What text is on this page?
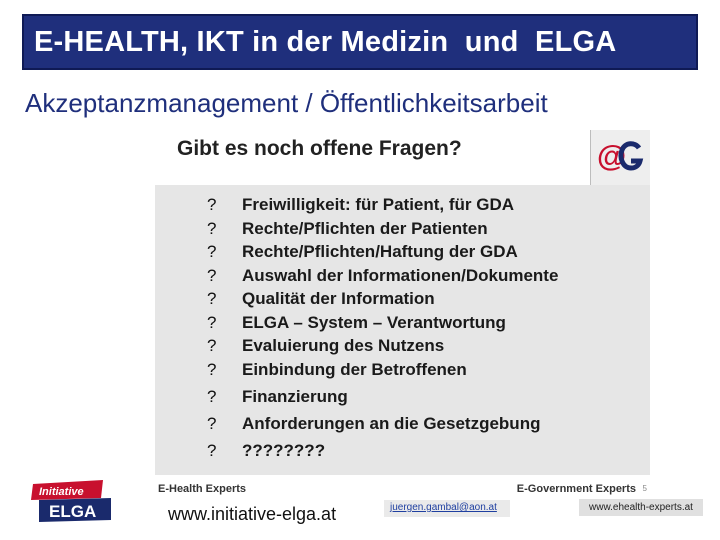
E-HEALTH, IKT in der Medizin  und  ELGA
Akzeptanzmanagement / Öffentlichkeitsarbeit
Gibt es noch offene Fragen?	@
?	Freiwilligkeit: für Patient, für GDA
?	Rechte/Pflichten der Patienten
?	Rechte/Pflichten/Haftung der GDA
?	Auswahl der Informationen/Dokumente
?	Qualität der Information
?	ELGA – System – Verantwortung
?	Evaluierung des Nutzens
?	Einbindung der Betroffenen
?	Finanzierung
?	Anforderungen an die Gesetzgebung
?	????????
E-Health Experts	E-Government Experts 5
Initiative
ELGA	www.initiative-elga.at	juergen.gambal@aon.at	www.ehealth-experts.at
